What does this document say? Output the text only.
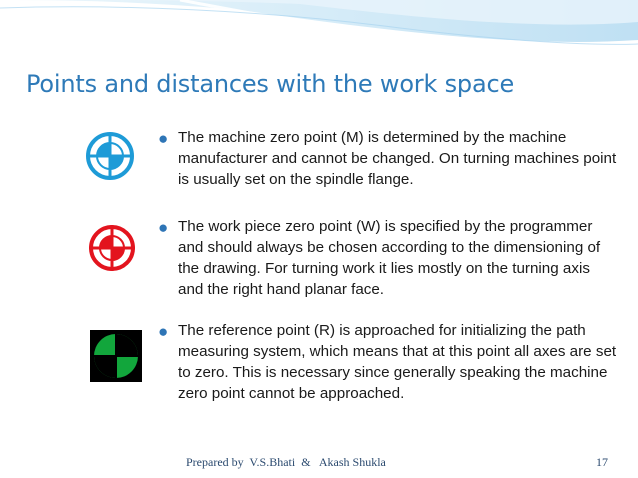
Points and distances with the work space
● The machine zero point (M) is determined by the machine manufacturer and cannot be changed. On turning machines point is usually set on the spindle flange.
● The work piece zero point (W) is specified by the programmer and should always be chosen according to the dimensioning of the drawing. For turning work it lies mostly on the turning axis and the right hand planar face.
● The reference point (R) is approached for initializing the path measuring system, which means that at this point all axes are set to zero. This is necessary since generally speaking the machine zero point cannot be approached.
Prepared by  V.S.Bhati  &   Akash Shukla	17
